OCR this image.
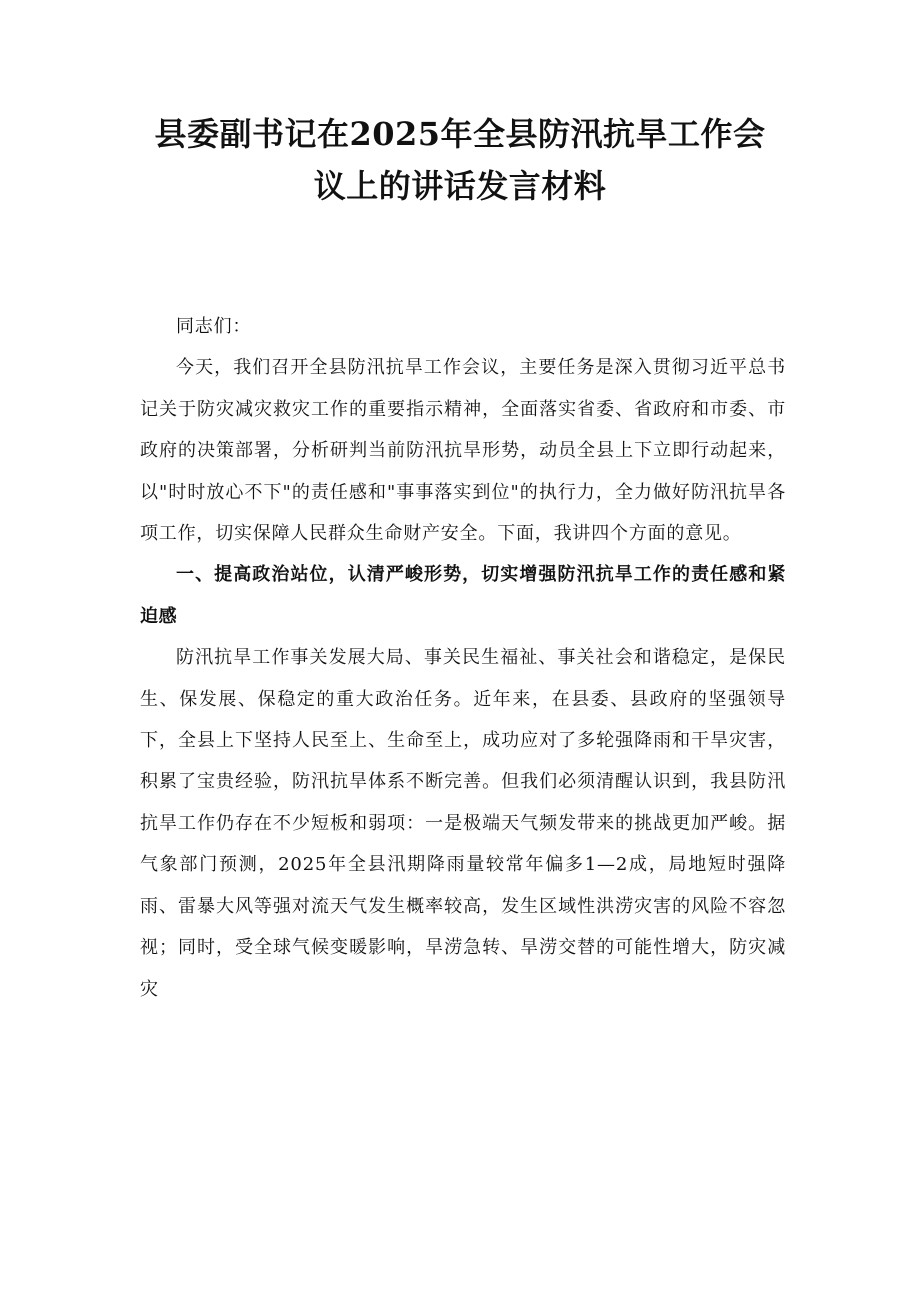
县委副书记在2025年全县防汛抗旱工作会
议上的讲话发言材料

同志们：

今天，我们召开全县防汛抗旱工作会议，主要任务是深入贯彻习近平总书记关于防灾减灾救灾工作的重要指示精神，全面落实省委、省政府和市委、市政府的决策部署，分析研判当前防汛抗旱形势，动员全县上下立即行动起来，以"时时放心不下"的责任感和"事事落实到位"的执行力，全力做好防汛抗旱各项工作，切实保障人民群众生命财产安全。下面，我讲四个方面的意见。

一、提高政治站位，认清严峻形势，切实增强防汛抗旱工作的责任感和紧迫感

防汛抗旱工作事关发展大局、事关民生福祉、事关社会和谐稳定，是保民生、保发展、保稳定的重大政治任务。近年来，在县委、县政府的坚强领导下，全县上下坚持人民至上、生命至上，成功应对了多轮强降雨和干旱灾害，积累了宝贵经验，防汛抗旱体系不断完善。但我们必须清醒认识到，我县防汛抗旱工作仍存在不少短板和弱项：一是极端天气频发带来的挑战更加严峻。据气象部门预测，2025年全县汛期降雨量较常年偏多1—2成，局地短时强降雨、雷暴大风等强对流天气发生概率较高，发生区域性洪涝灾害的风险不容忽视；同时，受全球气候变暖影响，旱涝急转、旱涝交替的可能性增大，防灾减灾
